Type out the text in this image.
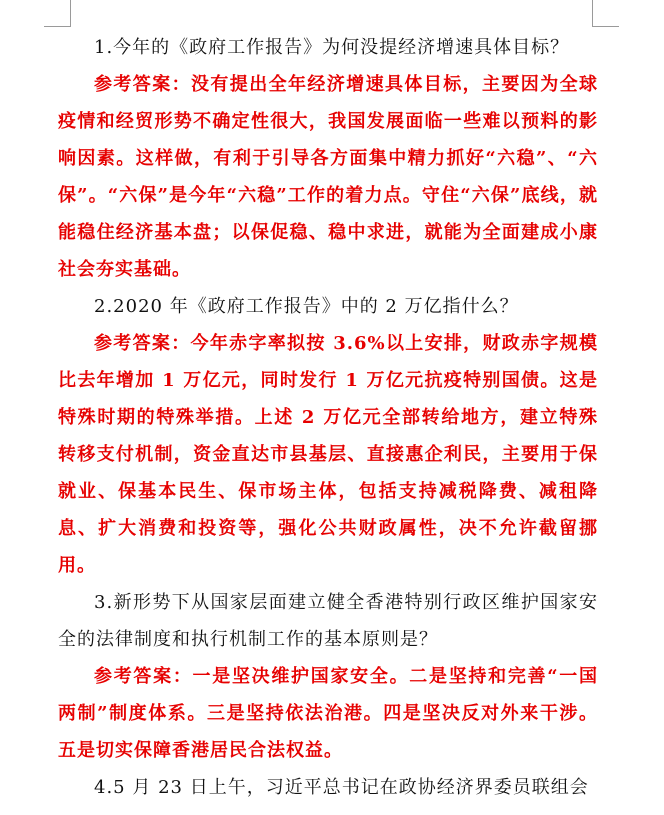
1.今年的《政府工作报告》为何没提经济增速具体目标？

参考答案：没有提出全年经济增速具体目标，主要因为全球疫情和经贸形势不确定性很大，我国发展面临一些难以预料的影响因素。这样做，有利于引导各方面集中精力抓好“六稳”、“六保”。“六保”是今年“六稳”工作的着力点。守住“六保”底线，就能稳住经济基本盘；以保促稳、稳中求进，就能为全面建成小康社会夯实基础。

2.2020 年《政府工作报告》中的 2 万亿指什么？

参考答案：今年赤字率拟按 3.6%以上安排，财政赤字规模比去年增加 1 万亿元，同时发行 1 万亿元抗疫特别国债。这是特殊时期的特殊举措。上述 2 万亿元全部转给地方，建立特殊转移支付机制，资金直达市县基层、直接惠企利民，主要用于保就业、保基本民生、保市场主体，包括支持减税降费、减租降息、扩大消费和投资等，强化公共财政属性，决不允许截留挪用。

3.新形势下从国家层面建立健全香港特别行政区维护国家安全的法律制度和执行机制工作的基本原则是？

参考答案：一是坚决维护国家安全。二是坚持和完善“一国两制”制度体系。三是坚持依法治港。四是坚决反对外来干涉。五是切实保障香港居民合法权益。

4.5 月 23 日上午，习近平总书记在政协经济界委员联组会
